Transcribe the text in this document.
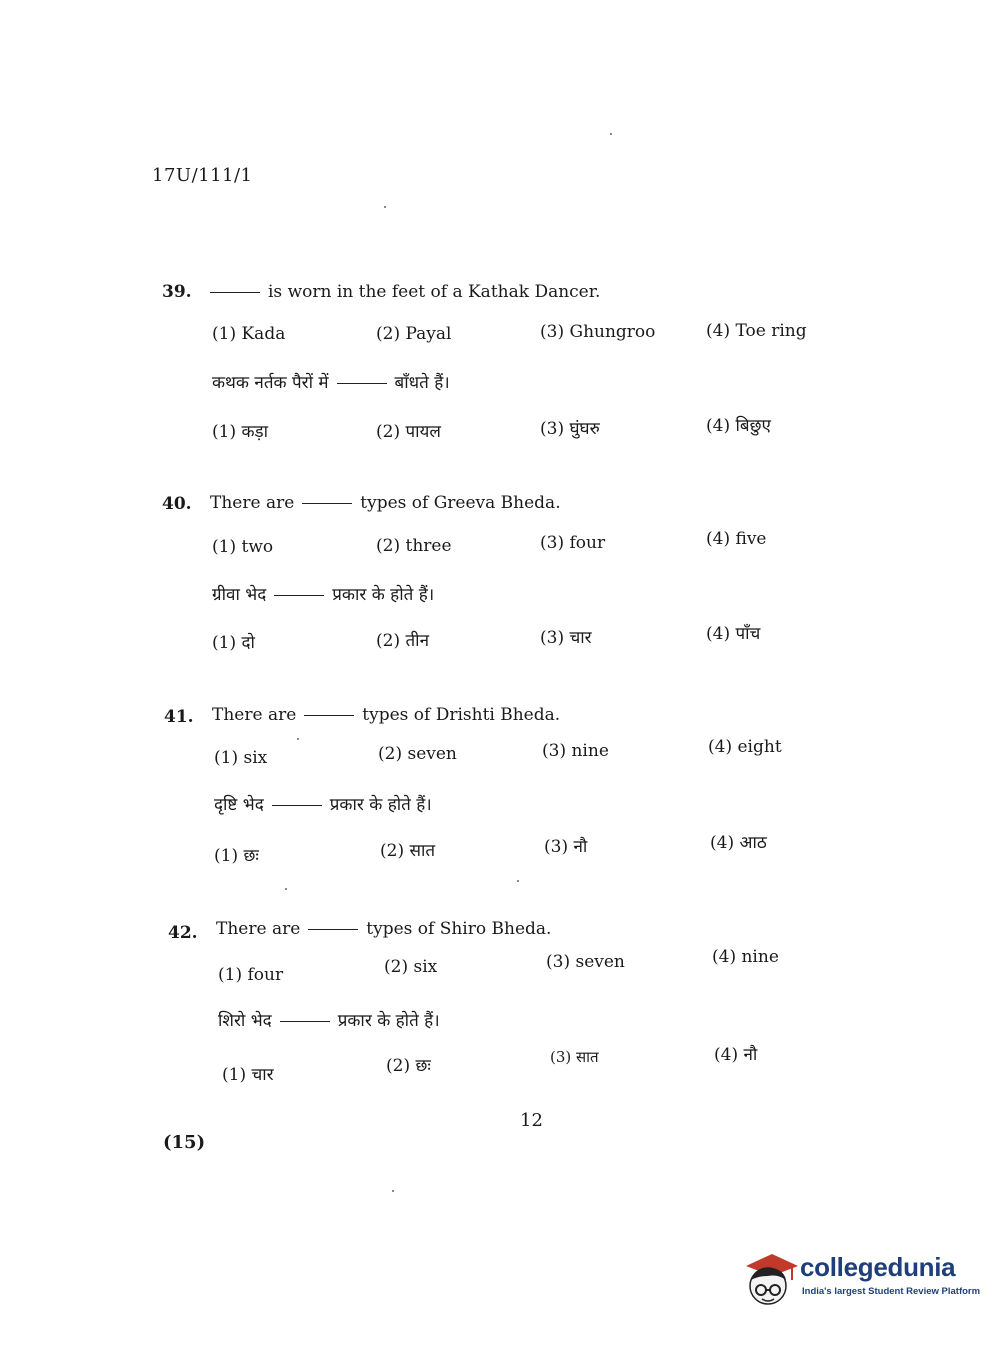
17U/111/1
39.	is worn in the feet of a Kathak Dancer.
(1) Kada	(2) Payal	(3) Ghungroo	(4) Toe ring
कथक नर्तक पैरों में	बाँधते हैं।
(1) कड़ा	(2) पायल	(3) घुंघरु	(4) बिछुए
40. There are	types of Greeva Bheda.
(1) two	(2) three	(3) four	(4) five
ग्रीवा भेद	प्रकार के होते हैं।
(1) दो	(2) तीन	(3) चार	(4) पाँच
41. There are	types of Drishti Bheda.
(1) six	(2) seven	(3) nine	(4) eight
दृष्टि भेद	प्रकार के होते हैं।
(1) छः	(2) सात	(3) नौ	(4) आठ
42. There are	types of Shiro Bheda.
(1) four	(2) six	(3) seven	(4) nine
शिरो भेद	प्रकार के होते हैं।
(1) चार	(2) छः	(3) सात	(4) नौ
12
(15)
collegedunia
India's largest Student Review Platform
